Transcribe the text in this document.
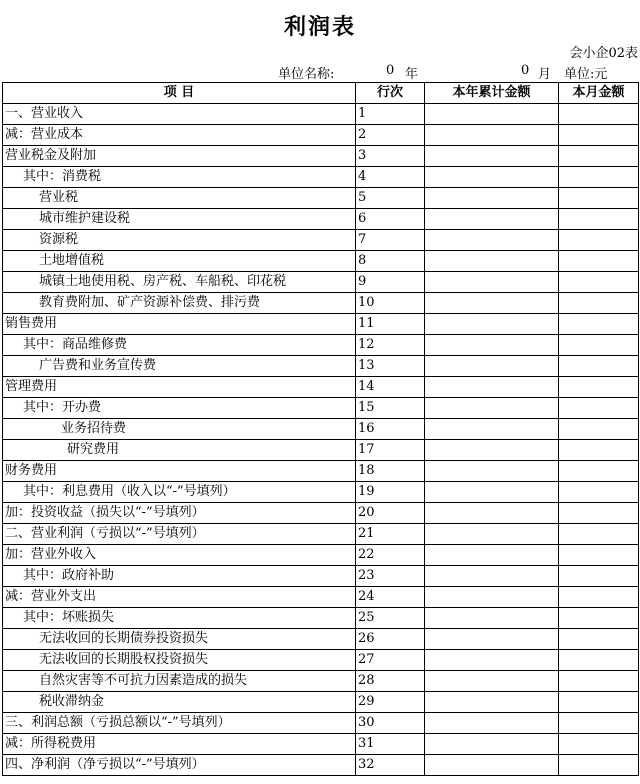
利润表
会小企02表
单位名称:	0 年	0 月 单位:元
项 目	行次	本年累计金额	本月金额
一、营业收入	1		
减：营业成本	2		
营业税金及附加	3		
其中：消费税	4		
营业税	5		
城市维护建设税	6		
资源税	7		
土地增值税	8		
城镇土地使用税、房产税、车船税、印花税	9		
教育费附加、矿产资源补偿费、排污费	10		
销售费用	11		
其中：商品维修费	12		
广告费和业务宣传费	13		
管理费用	14		
其中：开办费	15		
业务招待费	16		
研究费用	17		
财务费用	18		
其中：利息费用（收入以“-”号填列）	19		
加：投资收益（损失以“-”号填列）	20		
二、营业利润（亏损以“-”号填列）	21		
加：营业外收入	22		
其中：政府补助	23		
减：营业外支出	24		
其中：坏账损失	25		
无法收回的长期债券投资损失	26		
无法收回的长期股权投资损失	27		
自然灾害等不可抗力因素造成的损失	28		
税收滞纳金	29		
三、利润总额（亏损总额以“-”号填列）	30		
减：所得税费用	31		
四、净利润（净亏损以“-”号填列）	32		
